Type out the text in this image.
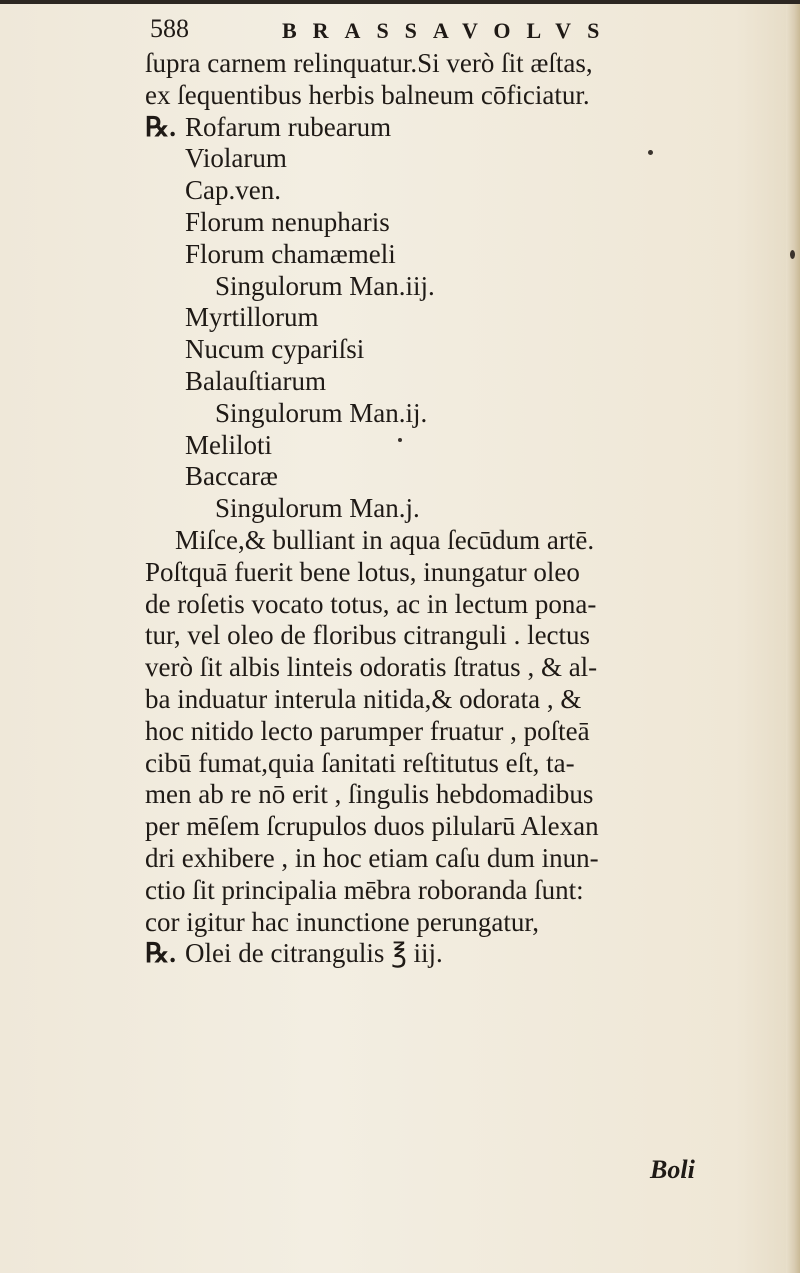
588	BRASSAVOLVS
ſupra carnem relinquatur.Si verò ſit æſtas,
ex ſequentibus herbis balneum cōficiatur.
℞. Rofarum rubearum
Violarum
Cap.ven.
Florum nenupharis
Florum chamæmeli
Singulorum Man.iij.
Myrtillorum
Nucum cypariſsi
Balauſtiarum
Singulorum Man.ij.
Meliloti
Baccaræ
Singulorum Man.j.
Miſce,& bulliant in aqua ſecūdum artē.
Poſtquā fuerit bene lotus, inungatur oleo
de roſetis vocato totus, ac in lectum pona-
tur, vel oleo de floribus citranguli . lectus
verò ſit albis linteis odoratis ſtratus , & al-
ba induatur interula nitida,& odorata , &
hoc nitido lecto parumper fruatur , poſteā
cibū fumat,quia ſanitati reſtitutus eſt, ta-
men ab re nō erit , ſingulis hebdomadibus
per mēſem ſcrupulos duos pilularū Alexan
dri exhibere , in hoc etiam caſu dum inun-
ctio ſit principalia mēbra roboranda ſunt:
cor igitur hac inunctione perungatur,
℞. Olei de citrangulis ℥ iij.
Boli
